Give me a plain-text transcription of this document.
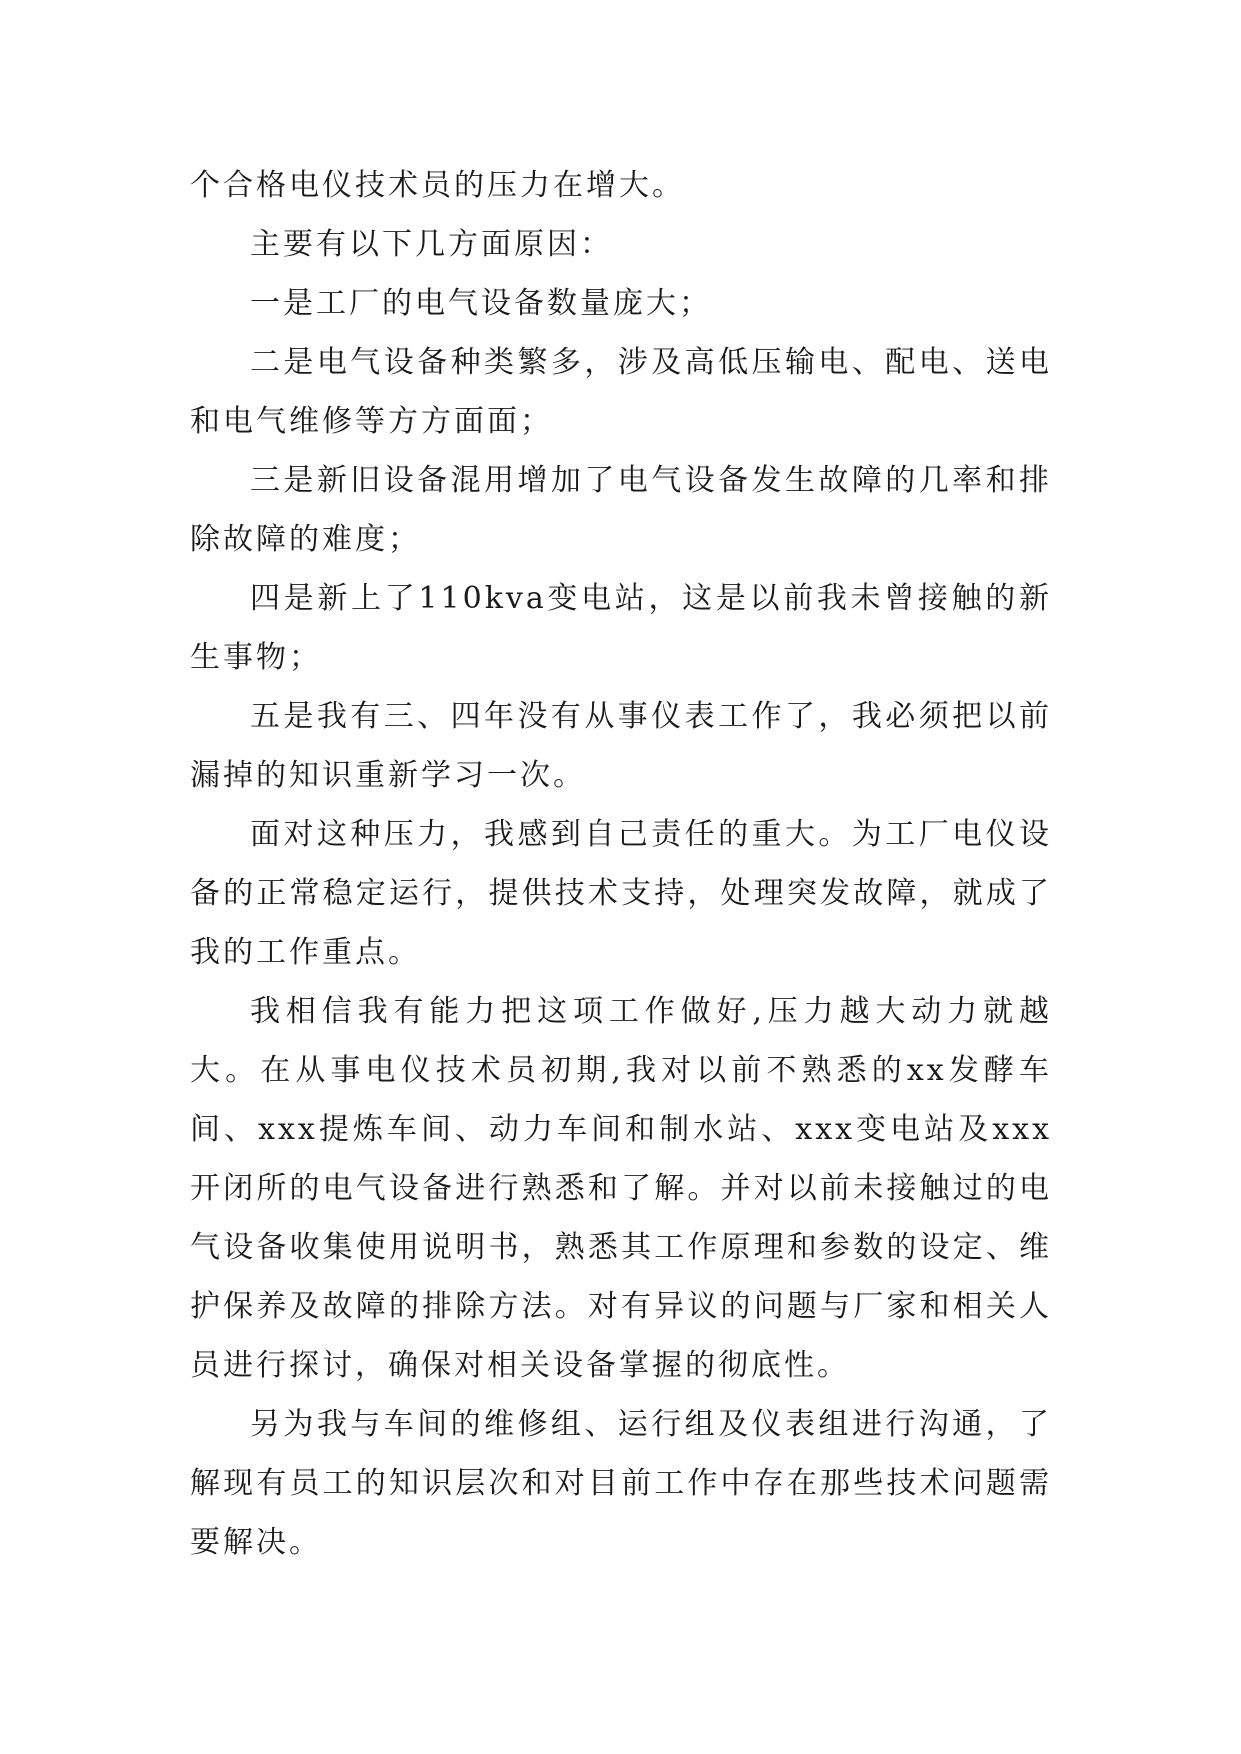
个合格电仪技术员的压力在增大。

主要有以下几方面原因：

一是工厂的电气设备数量庞大；

二是电气设备种类繁多，涉及高低压输电、配电、送电和电气维修等方方面面；

三是新旧设备混用增加了电气设备发生故障的几率和排除故障的难度；

四是新上了110kva变电站，这是以前我未曾接触的新生事物；

五是我有三、四年没有从事仪表工作了，我必须把以前漏掉的知识重新学习一次。

面对这种压力，我感到自己责任的重大。为工厂电仪设备的正常稳定运行，提供技术支持，处理突发故障，就成了我的工作重点。

我相信我有能力把这项工作做好,压力越大动力就越大。在从事电仪技术员初期,我对以前不熟悉的xx发酵车间、xxx提炼车间、动力车间和制水站、xxx变电站及xxx开闭所的电气设备进行熟悉和了解。并对以前未接触过的电气设备收集使用说明书，熟悉其工作原理和参数的设定、维护保养及故障的排除方法。对有异议的问题与厂家和相关人员进行探讨，确保对相关设备掌握的彻底性。

另为我与车间的维修组、运行组及仪表组进行沟通，了解现有员工的知识层次和对目前工作中存在那些技术问题需要解决。
